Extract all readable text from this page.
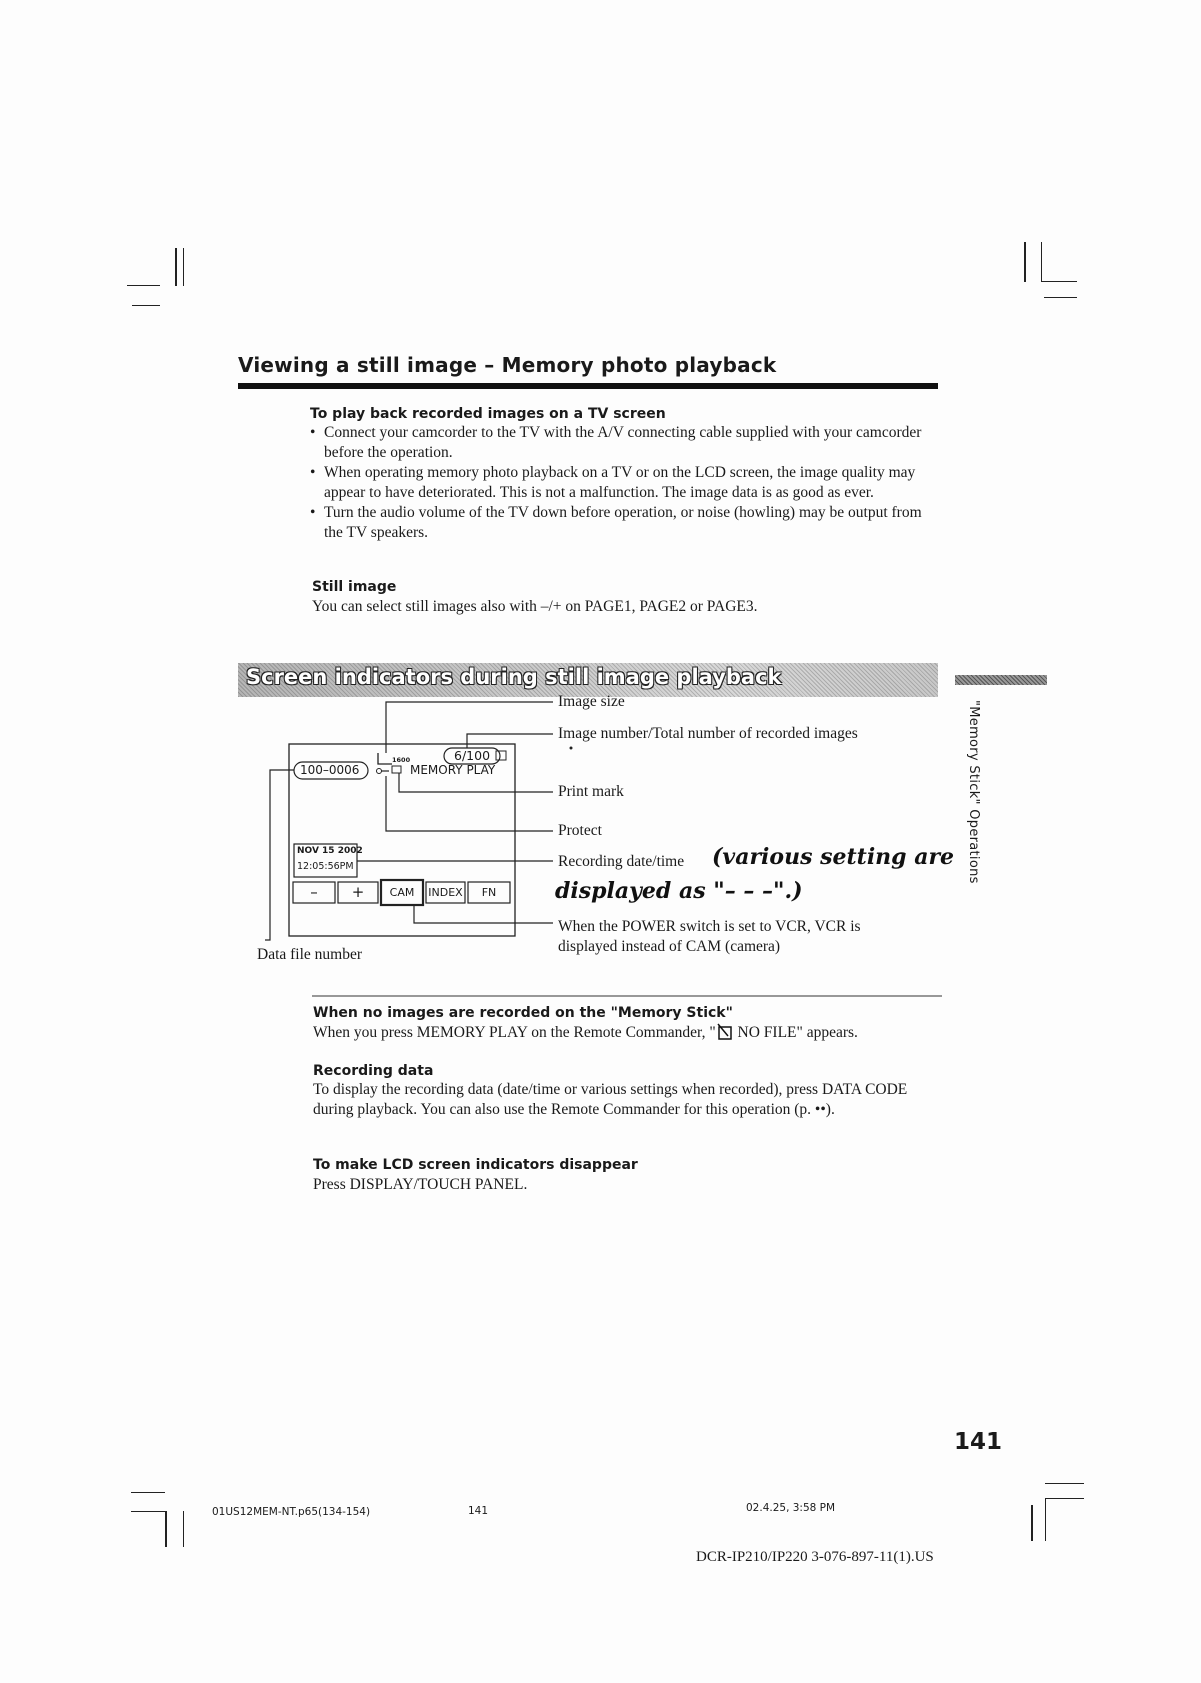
Viewing a still image – Memory photo playback
To play back recorded images on a TV screen
• Connect your camcorder to the TV with the A/V connecting cable supplied with your camcorder before the operation.
• When operating memory photo playback on a TV or on the LCD screen, the image quality may appear to have deteriorated. This is not a malfunction. The image data is as good as ever.
• Turn the audio volume of the TV down before operation, or noise (howling) may be output from the TV speakers.
Still image
You can select still images also with –/+ on PAGE1, PAGE2 or PAGE3.
Screen indicators during still image playback
1600	6/100
100–0006	MEMORY PLAY
NOV 15 2002
12:05:56PM
–	+	CAM	INDEX	FN
Image size
Image number/Total number of recorded images
Print mark
Protect
Recording date/time (various setting are
displayed as "– – –".)
When the POWER switch is set to VCR, VCR is
displayed instead of CAM (camera)
Data file number
"Memory Stick" Operations
When no images are recorded on the "Memory Stick"
When you press MEMORY PLAY on the Remote Commander, " NO FILE" appears.
Recording data
To display the recording data (date/time or various settings when recorded), press DATA CODE during playback. You can also use the Remote Commander for this operation (p. ••).
To make LCD screen indicators disappear
Press DISPLAY/TOUCH PANEL.
141
01US12MEM-NT.p65(134-154)	141	02.4.25, 3:58 PM
DCR-IP210/IP220 3-076-897-11(1).US
